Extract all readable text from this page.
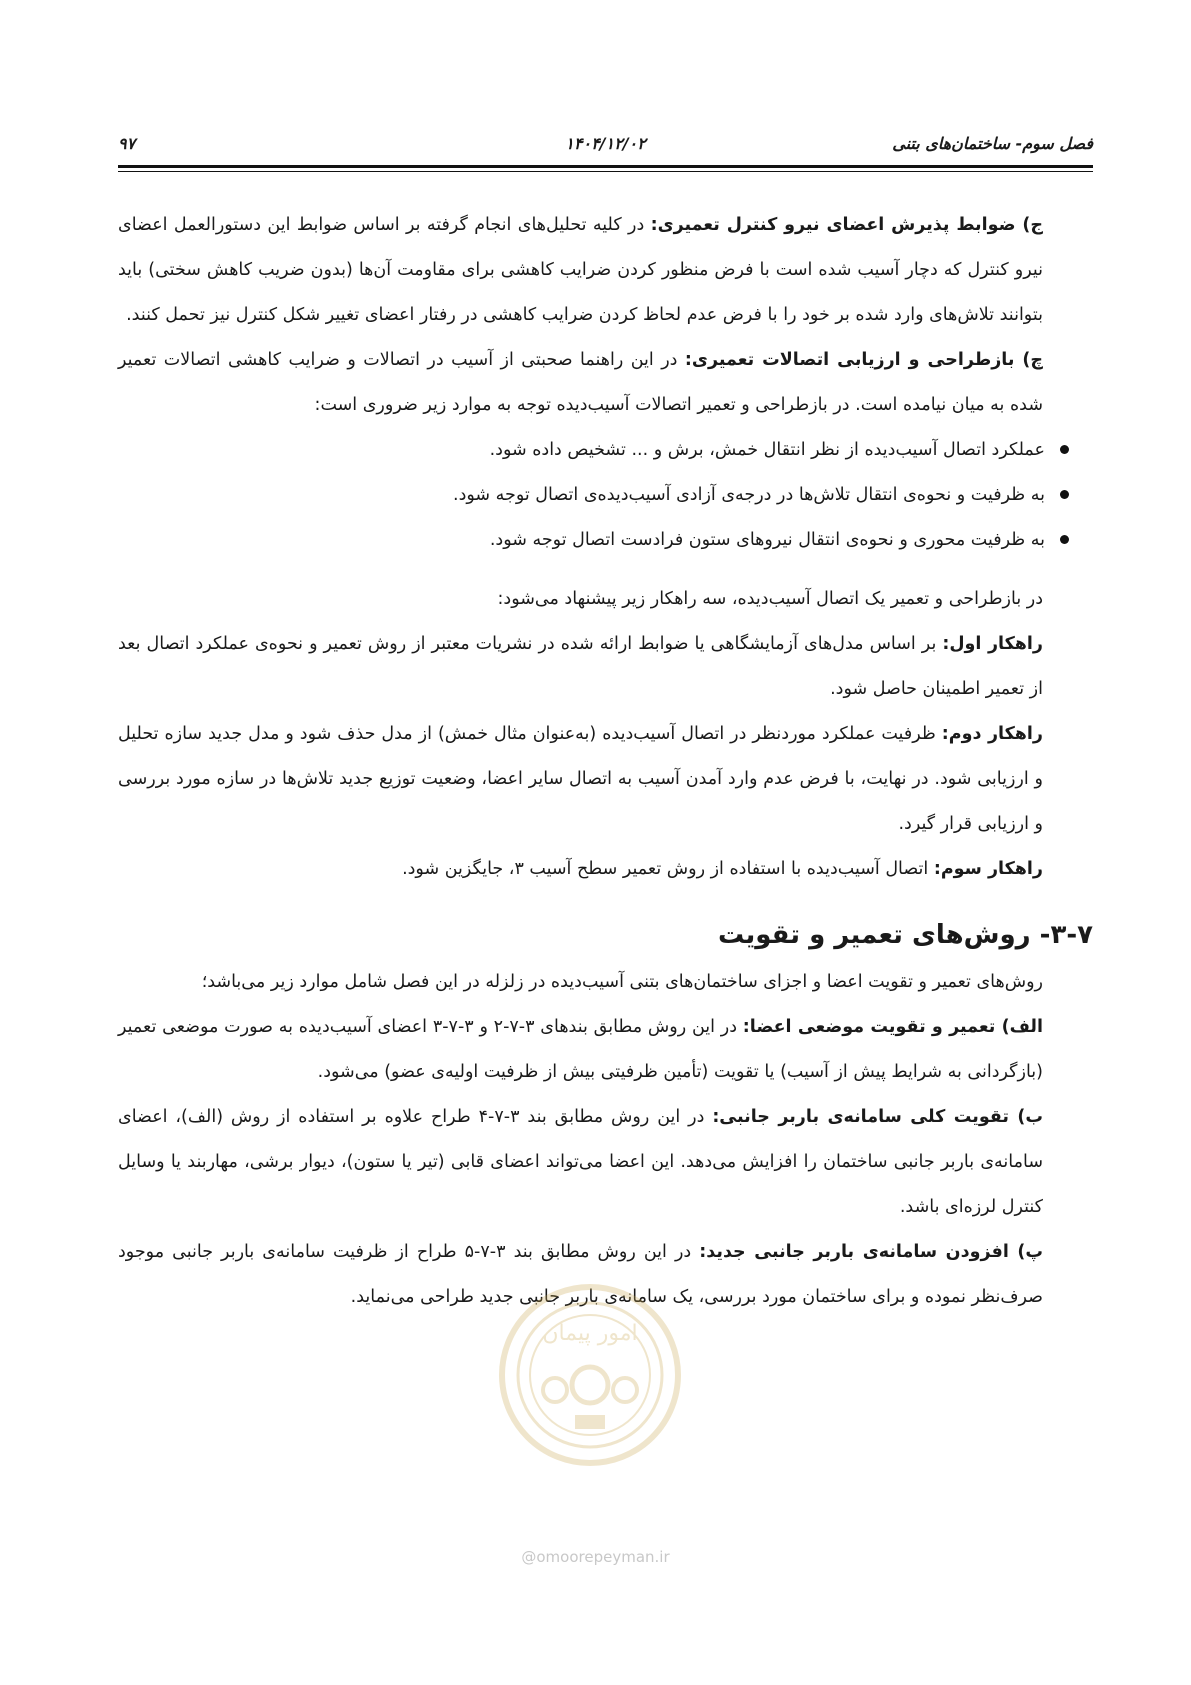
فصل سوم- ساختمان‌های بتنی
۱۴۰۴/۱۲/۰۲
۹۷

ج) ضوابط پذیرش اعضای نیرو کنترل تعمیری: در کلیه تحلیل‌های انجام گرفته بر اساس ضوابط این دستورالعمل اعضای نیرو کنترل که دچار آسیب شده است با فرض منظور کردن ضرایب کاهشی برای مقاومت آن‌ها (بدون ضریب کاهش سختی) باید بتوانند تلاش‌های وارد شده بر خود را با فرض عدم لحاظ کردن ضرایب کاهشی در رفتار اعضای تغییر شکل کنترل نیز تحمل کنند.

چ) بازطراحی و ارزیابی اتصالات تعمیری: در این راهنما صحبتی از آسیب در اتصالات و ضرایب کاهشی اتصالات تعمیر شده به میان نیامده است. در بازطراحی و تعمیر اتصالات آسیب‌دیده توجه به موارد زیر ضروری است:

عملکرد اتصال آسیب‌دیده از نظر انتقال خمش، برش و ... تشخیص داده شود.
به ظرفیت و نحوه‌ی انتقال تلاش‌ها در درجه‌ی آزادی آسیب‌دیده‌ی اتصال توجه شود.
به ظرفیت محوری و نحوه‌ی انتقال نیروهای ستون فرادست اتصال توجه شود.

در بازطراحی و تعمیر یک اتصال آسیب‌دیده، سه راهکار زیر پیشنهاد می‌شود:

راهکار اول: بر اساس مدل‌های آزمایشگاهی یا ضوابط ارائه شده در نشریات معتبر از روش تعمیر و نحوه‌ی عملکرد اتصال بعد از تعمیر اطمینان حاصل شود.

راهکار دوم: ظرفیت عملکرد موردنظر در اتصال آسیب‌دیده (به‌عنوان مثال خمش) از مدل حذف شود و مدل جدید سازه تحلیل و ارزیابی شود. در نهایت، با فرض عدم وارد آمدن آسیب به اتصال سایر اعضا، وضعیت توزیع جدید تلاش‌ها در سازه مورد بررسی و ارزیابی قرار گیرد.

راهکار سوم: اتصال آسیب‌دیده با استفاده از روش تعمیر سطح آسیب ۳، جایگزین شود.

۳-۷- روش‌های تعمیر و تقویت

روش‌های تعمیر و تقویت اعضا و اجزای ساختمان‌های بتنی آسیب‌دیده در زلزله در این فصل شامل موارد زیر می‌باشد؛

الف) تعمیر و تقویت موضعی اعضا: در این روش مطابق بندهای ۳-۷-۲ و ۳-۷-۳ اعضای آسیب‌دیده به صورت موضعی تعمیر (بازگردانی به شرایط پیش از آسیب) یا تقویت (تأمین ظرفیتی بیش از ظرفیت اولیه‌ی عضو) می‌شود.

ب) تقویت کلی سامانه‌ی باربر جانبی: در این روش مطابق بند ۳-۷-۴ طراح علاوه بر استفاده از روش (الف)، اعضای سامانه‌ی باربر جانبی ساختمان را افزایش می‌دهد. این اعضا می‌تواند اعضای قابی (تیر یا ستون)، دیوار برشی، مهاربند یا وسایل کنترل لرزه‌ای باشد.

پ) افزودن سامانه‌ی باربر جانبی جدید: در این روش مطابق بند ۳-۷-۵ طراح از ظرفیت سامانه‌ی باربر جانبی موجود صرف‌نظر نموده و برای ساختمان مورد بررسی، یک سامانه‌ی باربر جانبی جدید طراحی می‌نماید.

امور پیمان
@omoorepeyman.ir
